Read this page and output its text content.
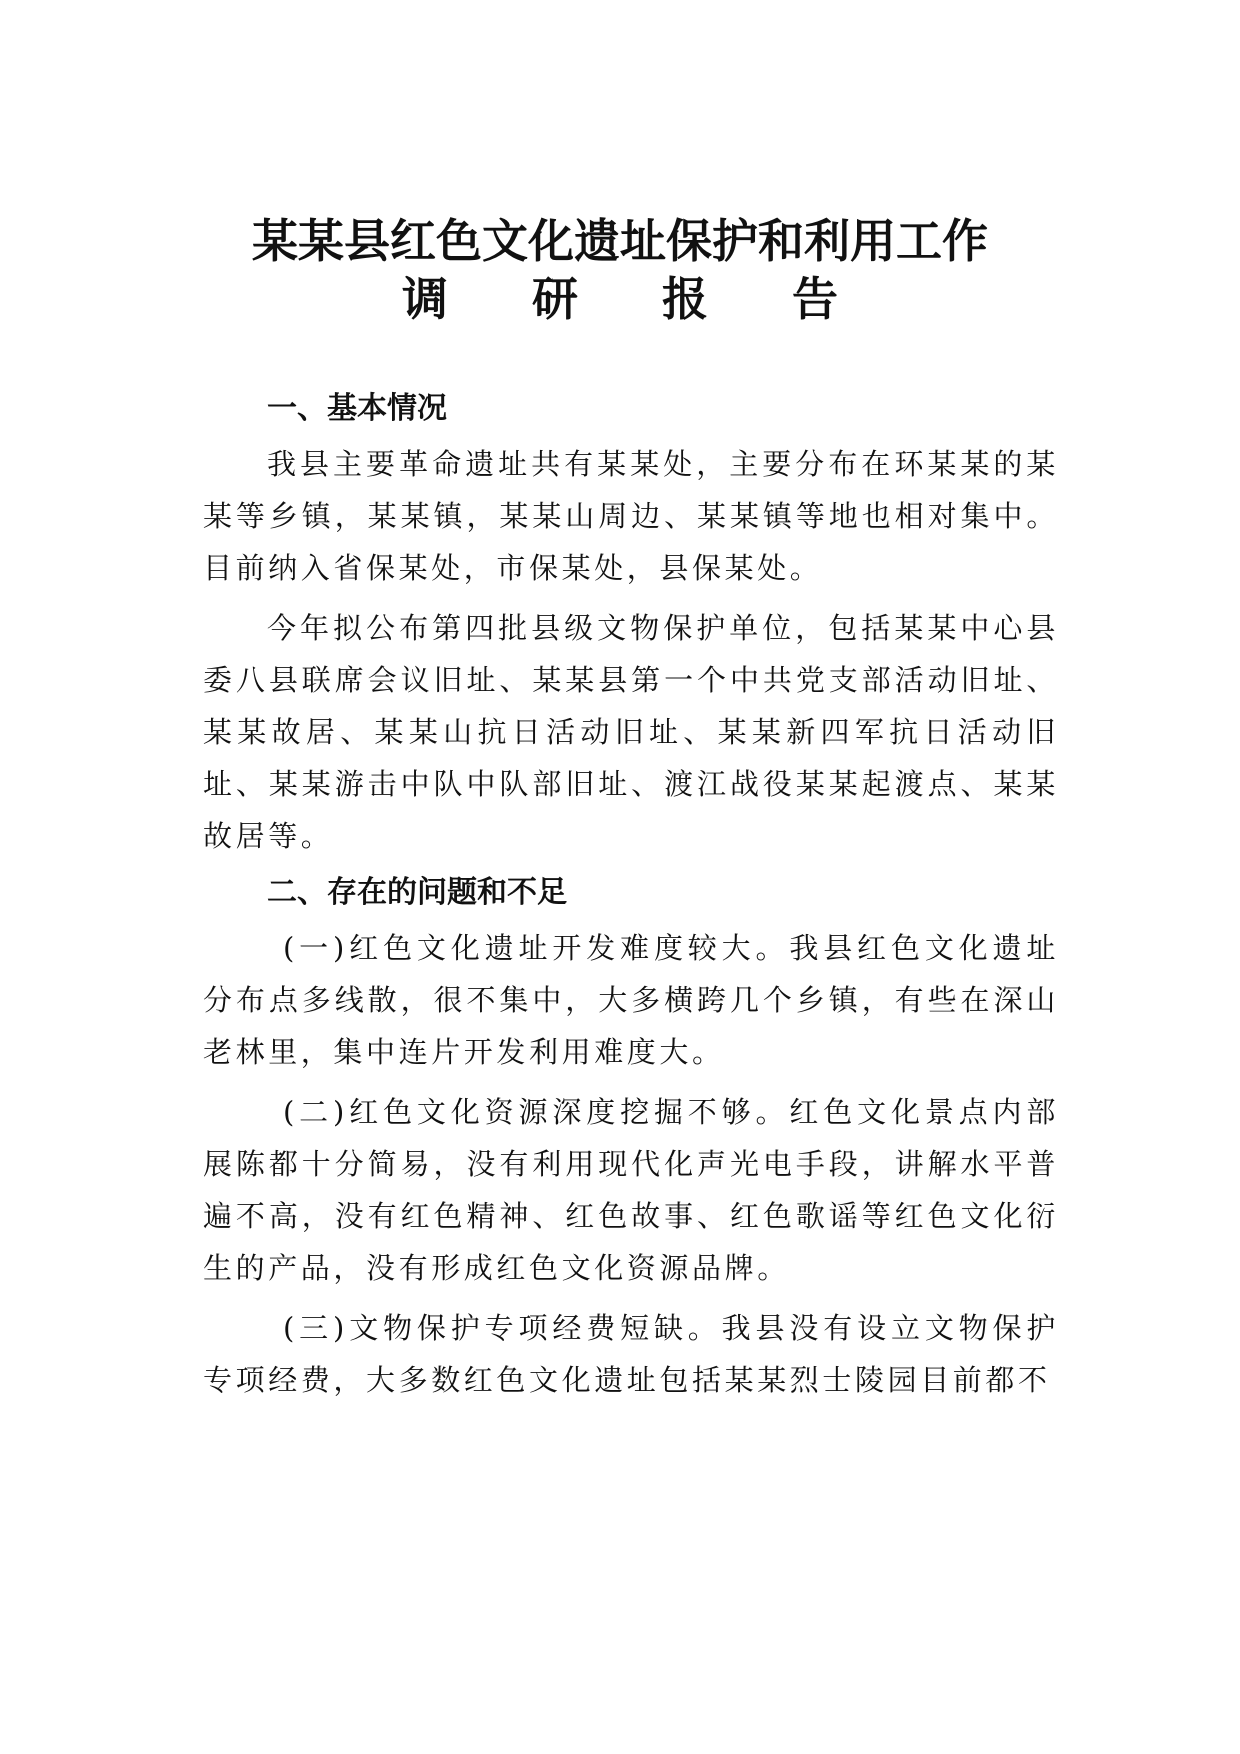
某某县红色文化遗址保护和利用工作
调 研 报 告
一、基本情况

我县主要革命遗址共有某某处，主要分布在环某某的某某等乡镇，某某镇，某某山周边、某某镇等地也相对集中。目前纳入省保某处，市保某处，县保某处。

今年拟公布第四批县级文物保护单位，包括某某中心县委八县联席会议旧址、某某县第一个中共党支部活动旧址、某某故居、某某山抗日活动旧址、某某新四军抗日活动旧址、某某游击中队中队部旧址、渡江战役某某起渡点、某某故居等。

二、存在的问题和不足

(一)红色文化遗址开发难度较大。我县红色文化遗址分布点多线散，很不集中，大多横跨几个乡镇，有些在深山老林里，集中连片开发利用难度大。

(二)红色文化资源深度挖掘不够。红色文化景点内部展陈都十分简易，没有利用现代化声光电手段，讲解水平普遍不高，没有红色精神、红色故事、红色歌谣等红色文化衍生的产品，没有形成红色文化资源品牌。

(三)文物保护专项经费短缺。我县没有设立文物保护专项经费，大多数红色文化遗址包括某某烈士陵园目前都不
